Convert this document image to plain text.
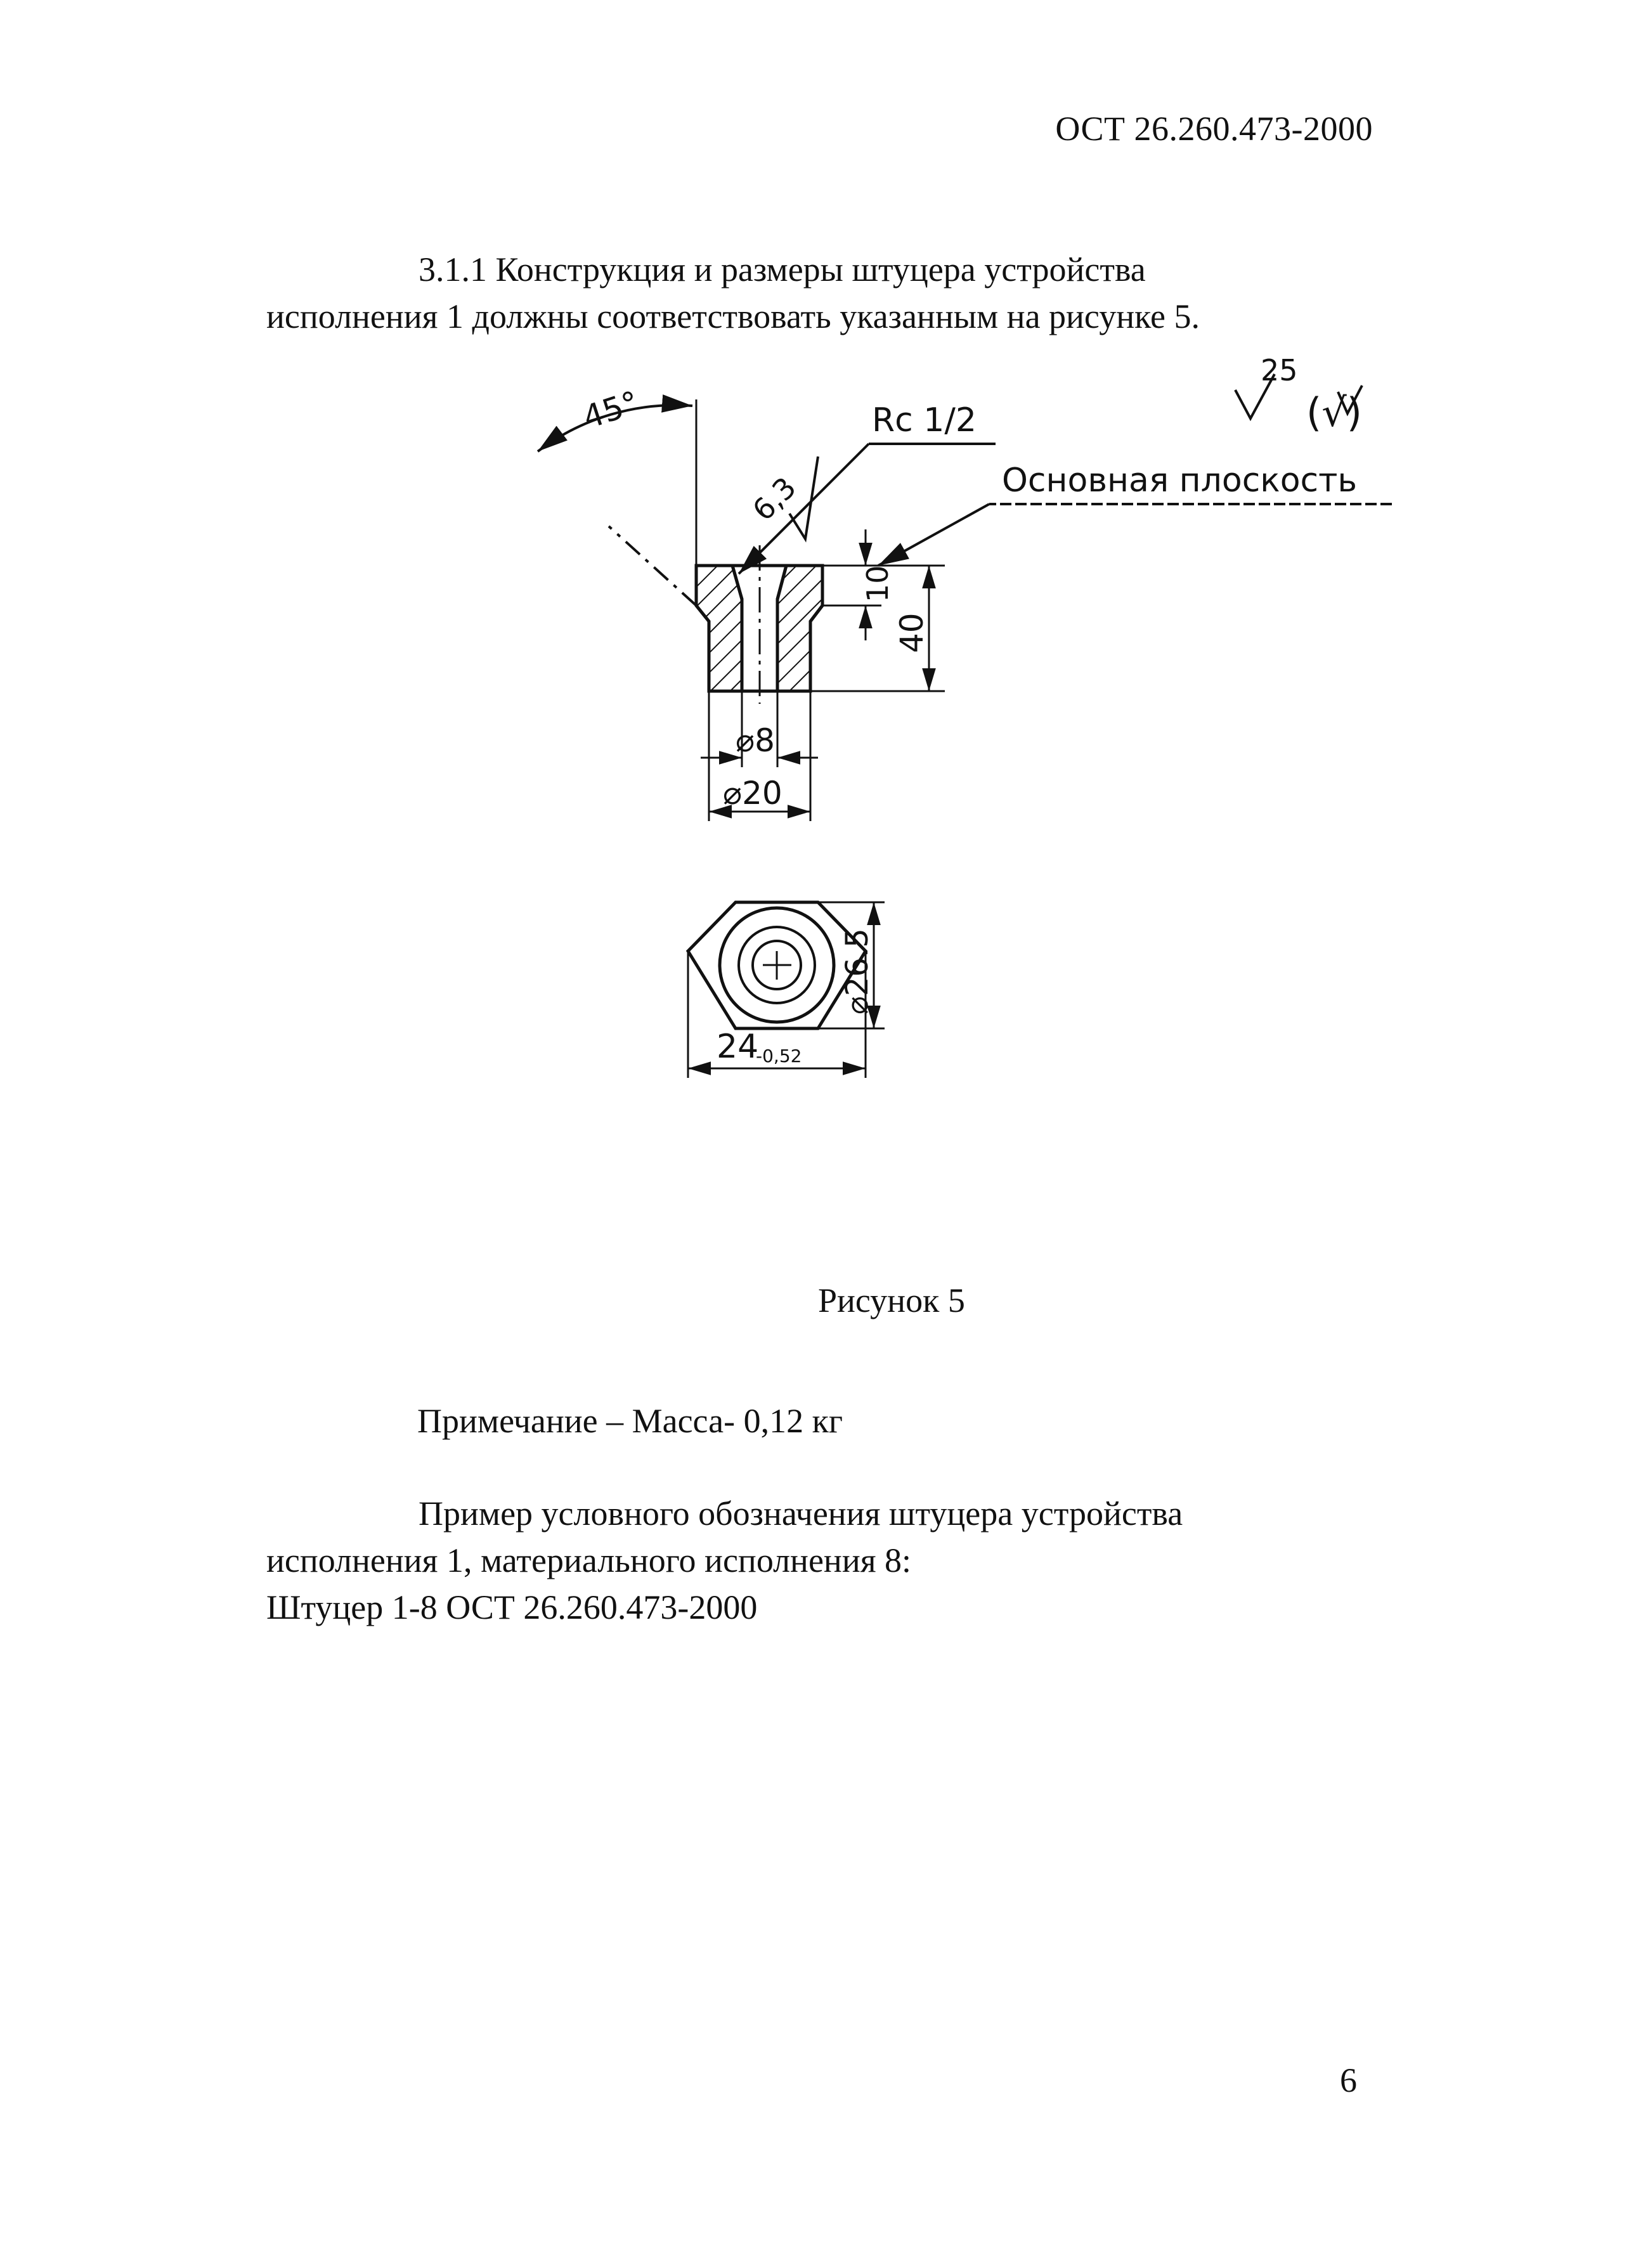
ОСТ 26.260.473-2000
3.1.1 Конструкция и размеры штуцера устройства
исполнения 1 должны соответствовать указанным на рисунке 5.
45°	Rc 1/2
6,3
25
(√)
Основная плоскость
10
40
⌀8
⌀20
⌀26.5
24
-0,52
Рисунок 5
Примечание – Масса- 0,12 кг
Пример условного обозначения штуцера устройства
исполнения 1, материального исполнения 8:
Штуцер 1-8 ОСТ 26.260.473-2000
6
